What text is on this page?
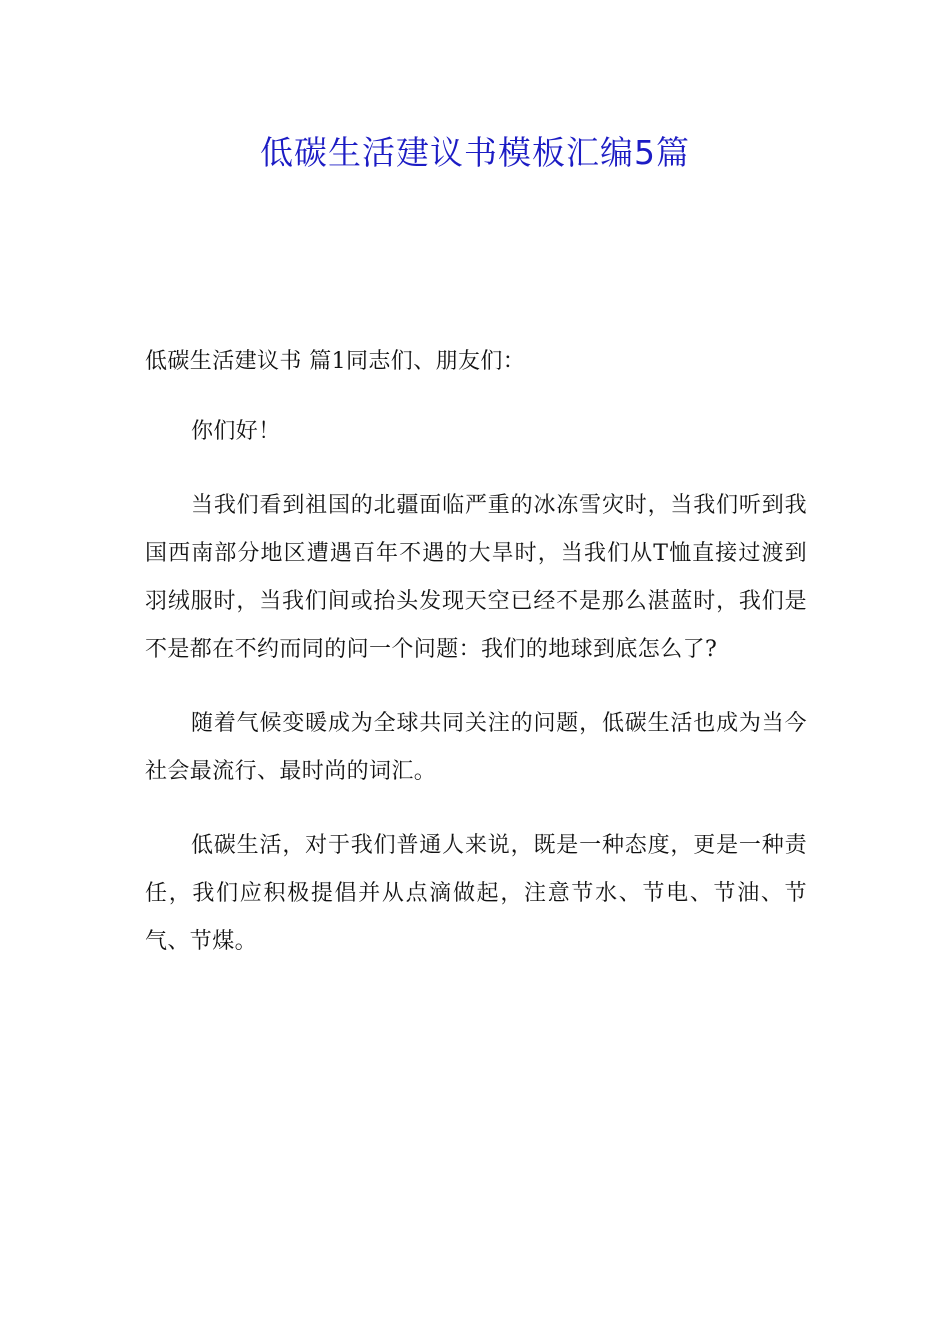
低碳生活建议书模板汇编5篇

低碳生活建议书 篇1同志们、朋友们：

你们好！

当我们看到祖国的北疆面临严重的冰冻雪灾时，当我们听到我国西南部分地区遭遇百年不遇的大旱时，当我们从T恤直接过渡到羽绒服时，当我们间或抬头发现天空已经不是那么湛蓝时，我们是不是都在不约而同的问一个问题：我们的地球到底怎么了?

随着气候变暖成为全球共同关注的问题，低碳生活也成为当今社会最流行、最时尚的词汇。

低碳生活，对于我们普通人来说，既是一种态度，更是一种责任，我们应积极提倡并从点滴做起，注意节水、节电、节油、节气、节煤。
